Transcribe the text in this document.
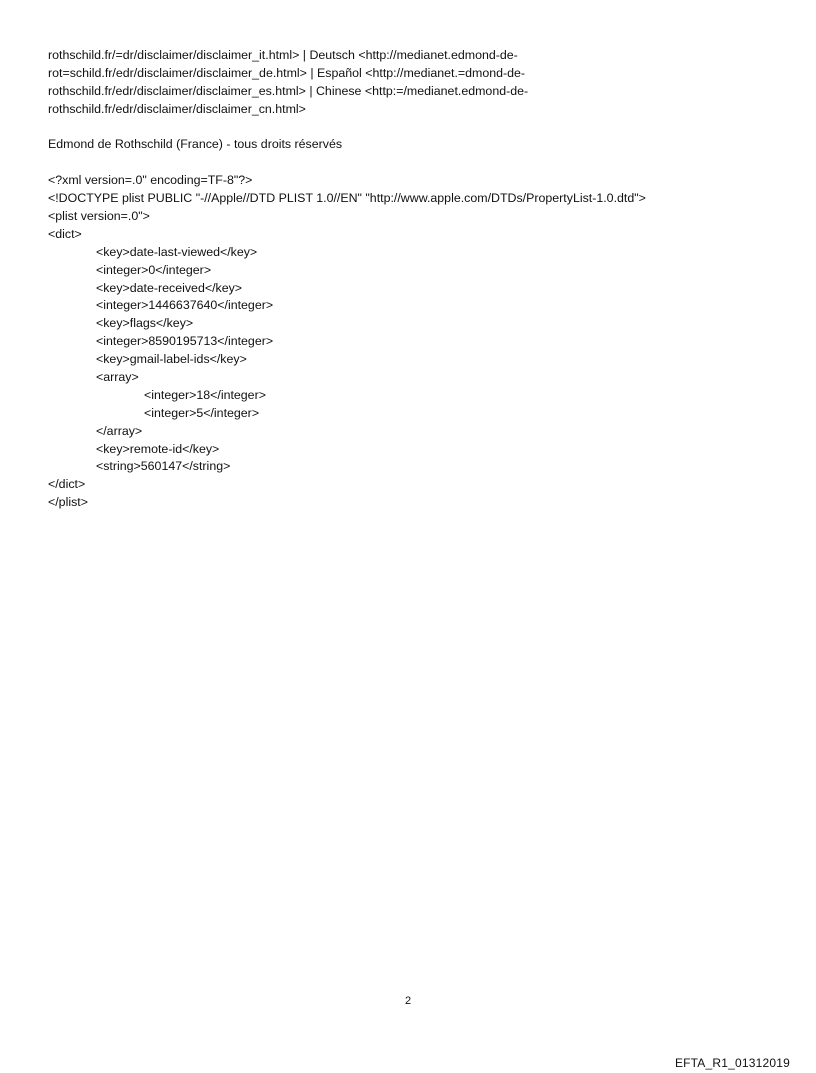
rothschild.fr/=dr/disclaimer/disclaimer_it.html> | Deutsch <http://medianet.edmond-de-
rot=schild.fr/edr/disclaimer/disclaimer_de.html> | Español <http://medianet.=dmond-de-
rothschild.fr/edr/disclaimer/disclaimer_es.html> | Chinese <http:=/medianet.edmond-de-
rothschild.fr/edr/disclaimer/disclaimer_cn.html>
Edmond de Rothschild (France) - tous droits réservés
<?xml version=.0" encoding=TF-8"?>
<!DOCTYPE plist PUBLIC "-//Apple//DTD PLIST 1.0//EN" "http://www.apple.com/DTDs/PropertyList-1.0.dtd">
<plist version=.0">
<dict>
<key>date-last-viewed</key>
<integer>0</integer>
<key>date-received</key>
<integer>1446637640</integer>
<key>flags</key>
<integer>8590195713</integer>
<key>gmail-label-ids</key>
<array>
<integer>18</integer>
<integer>5</integer>
</array>
<key>remote-id</key>
<string>560147</string>
</dict>
</plist>
2
EFTA_R1_01312019
